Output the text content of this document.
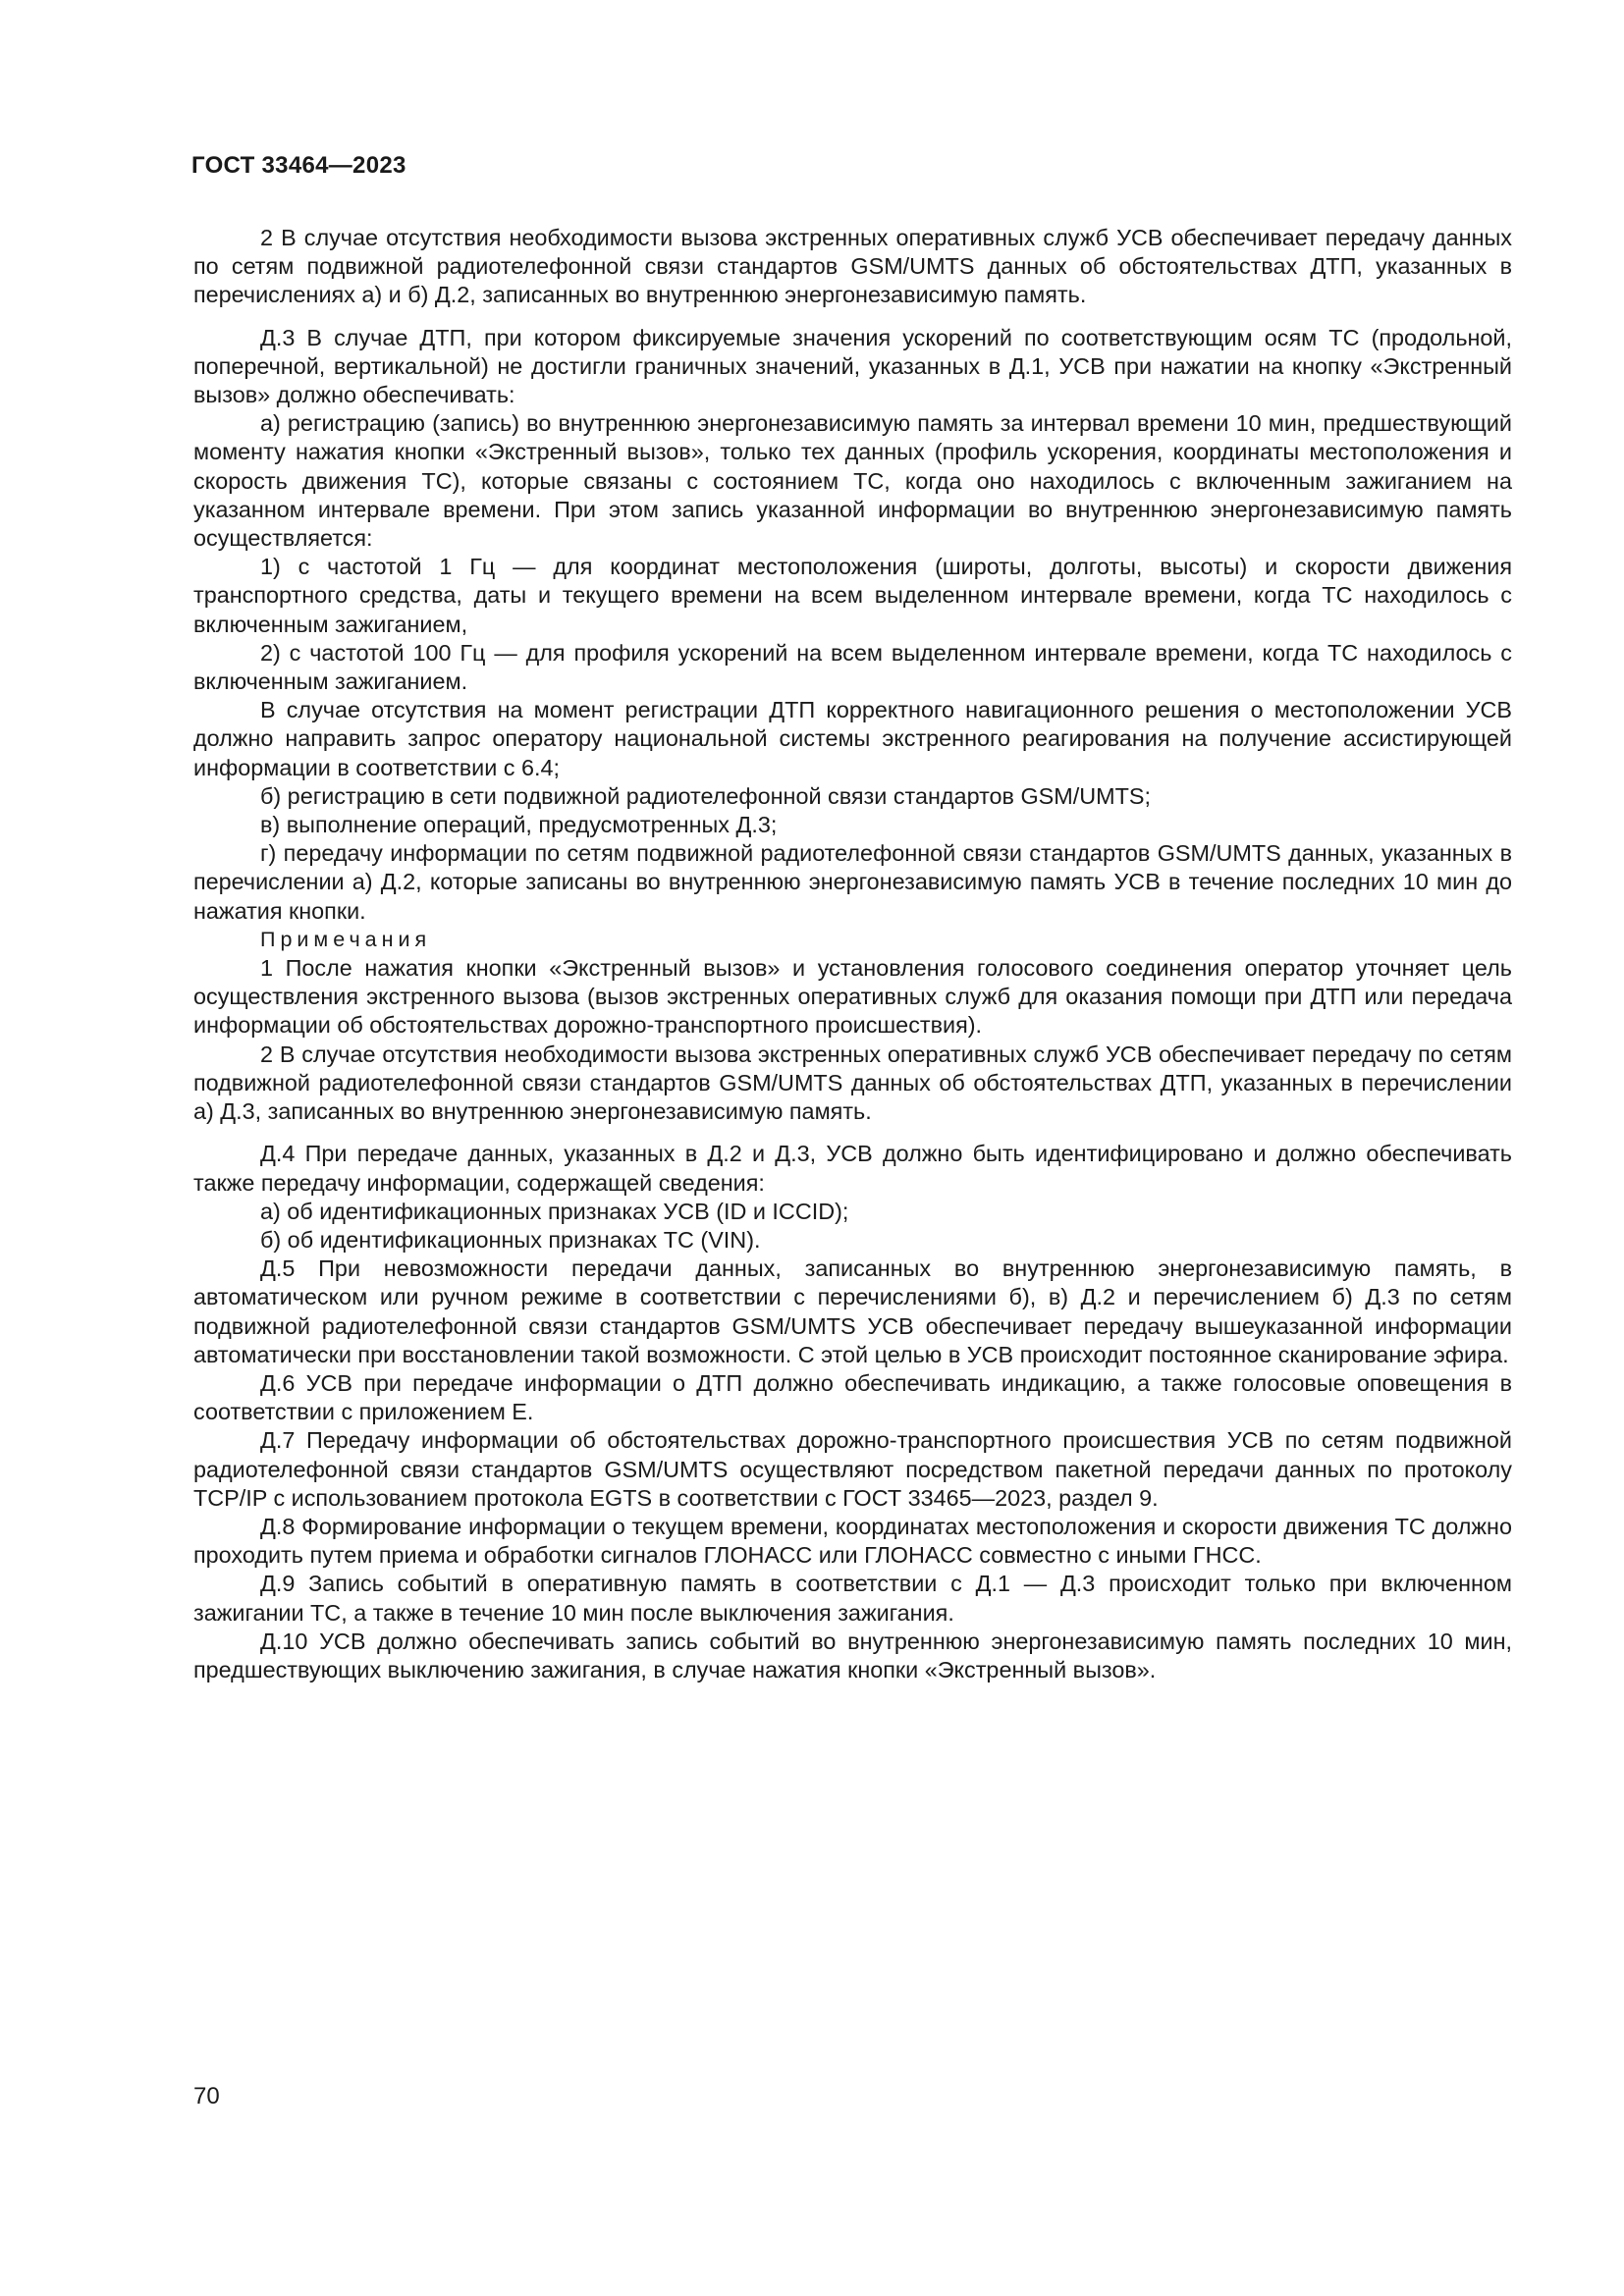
ГОСТ 33464—2023

2 В случае отсутствия необходимости вызова экстренных оперативных служб УСВ обеспечивает передачу данных по сетям подвижной радиотелефонной связи стандартов GSM/UMTS данных об обстоятельствах ДТП, указанных в перечислениях а) и б) Д.2, записанных во внутреннюю энергонезависимую память.

Д.3 В случае ДТП, при котором фиксируемые значения ускорений по соответствующим осям ТС (продольной, поперечной, вертикальной) не достигли граничных значений, указанных в Д.1, УСВ при нажатии на кнопку «Экстренный вызов» должно обеспечивать:

а) регистрацию (запись) во внутреннюю энергонезависимую память за интервал времени 10 мин, предшествующий моменту нажатия кнопки «Экстренный вызов», только тех данных (профиль ускорения, координаты местоположения и скорость движения ТС), которые связаны с состоянием ТС, когда оно находилось с включенным зажиганием на указанном интервале времени. При этом запись указанной информации во внутреннюю энергонезависимую память осуществляется:

1) с частотой 1 Гц — для координат местоположения (широты, долготы, высоты) и скорости движения транспортного средства, даты и текущего времени на всем выделенном интервале времени, когда ТС находилось с включенным зажиганием,

2) с частотой 100 Гц — для профиля ускорений на всем выделенном интервале времени, когда ТС находилось с включенным зажиганием.

В случае отсутствия на момент регистрации ДТП корректного навигационного решения о местоположении УСВ должно направить запрос оператору национальной системы экстренного реагирования на получение ассистирующей информации в соответствии с 6.4;

б) регистрацию в сети подвижной радиотелефонной связи стандартов GSM/UMTS;

в) выполнение операций, предусмотренных Д.3;

г) передачу информации по сетям подвижной радиотелефонной связи стандартов GSM/UMTS данных, указанных в перечислении а) Д.2, которые записаны во внутреннюю энергонезависимую память УСВ в течение последних 10 мин до нажатия кнопки.

Примечания

1 После нажатия кнопки «Экстренный вызов» и установления голосового соединения оператор уточняет цель осуществления экстренного вызова (вызов экстренных оперативных служб для оказания помощи при ДТП или передача информации об обстоятельствах дорожно-транспортного происшествия).

2 В случае отсутствия необходимости вызова экстренных оперативных служб УСВ обеспечивает передачу по сетям подвижной радиотелефонной связи стандартов GSM/UMTS данных об обстоятельствах ДТП, указанных в перечислении а) Д.3, записанных во внутреннюю энергонезависимую память.

Д.4 При передаче данных, указанных в Д.2 и Д.3, УСВ должно быть идентифицировано и должно обеспечивать также передачу информации, содержащей сведения:

а) об идентификационных признаках УСВ (ID и ICCID);

б) об идентификационных признаках ТС (VIN).

Д.5 При невозможности передачи данных, записанных во внутреннюю энергонезависимую память, в автоматическом или ручном режиме в соответствии с перечислениями б), в) Д.2 и перечислением б) Д.3 по сетям подвижной радиотелефонной связи стандартов GSM/UMTS УСВ обеспечивает передачу вышеуказанной информации автоматически при восстановлении такой возможности. С этой целью в УСВ происходит постоянное сканирование эфира.

Д.6 УСВ при передаче информации о ДТП должно обеспечивать индикацию, а также голосовые оповещения в соответствии с приложением Е.

Д.7 Передачу информации об обстоятельствах дорожно-транспортного происшествия УСВ по сетям подвижной радиотелефонной связи стандартов GSM/UMTS осуществляют посредством пакетной передачи данных по протоколу TCP/IP с использованием протокола EGTS в соответствии с ГОСТ 33465—2023, раздел 9.

Д.8 Формирование информации о текущем времени, координатах местоположения и скорости движения ТС должно проходить путем приема и обработки сигналов ГЛОНАСС или ГЛОНАСС совместно с иными ГНСС.

Д.9 Запись событий в оперативную память в соответствии с Д.1 — Д.3 происходит только при включенном зажигании ТС, а также в течение 10 мин после выключения зажигания.

Д.10 УСВ должно обеспечивать запись событий во внутреннюю энергонезависимую память последних 10 мин, предшествующих выключению зажигания, в случае нажатия кнопки «Экстренный вызов».

70
